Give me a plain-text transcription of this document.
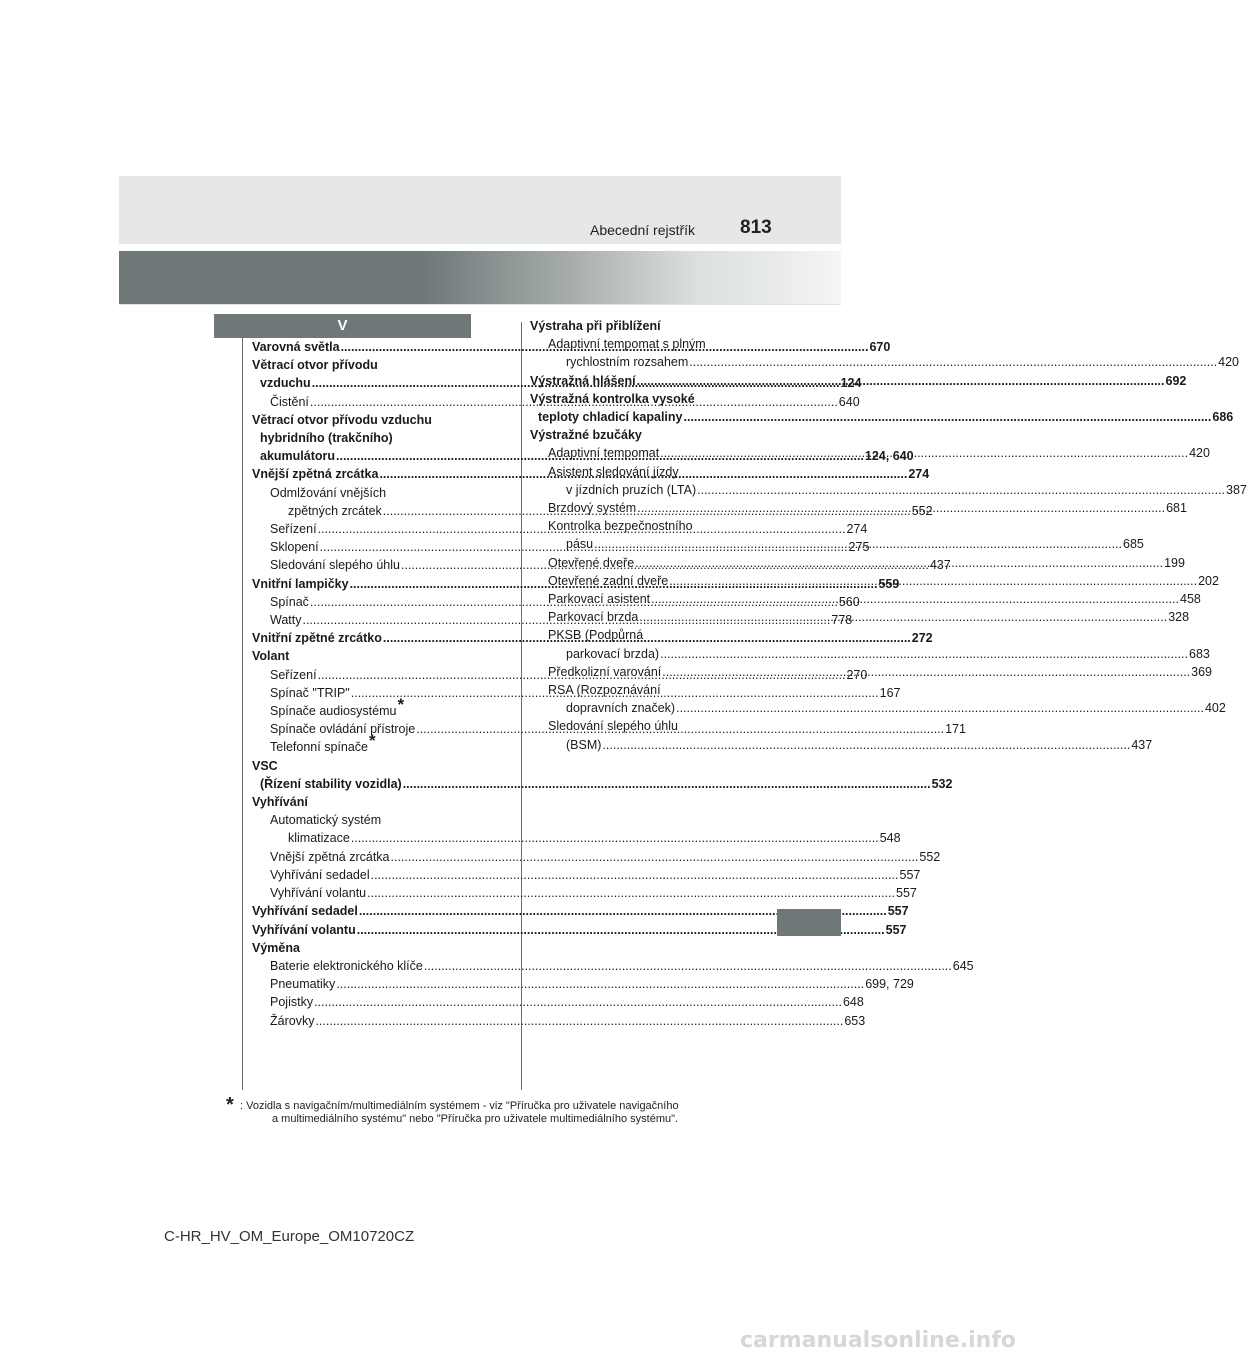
Abecední rejstřík 813
V
Varovná světla .....	670
Větrací otvor přívodu
vzduchu .....	124
Čistění .....	640
Větrací otvor přívodu vzduchu
hybridního (trakčního)
akumulátoru .....	124, 640
Vnější zpětná zrcátka .....	274
Odmlžování vnějších
zpětných zrcátek .....	552
Seřízení .....	274
Sklopení .....	275
Sledování slepého úhlu .....	437
Vnitřní lampičky .....	559
Spínač .....	560
Watty .....	778
Vnitřní zpětné zrcátko .....	272
Volant
Seřízení .....	270
Spínač "TRIP" .....	167
Spínače audiosystému*
Spínače ovládání přístroje .....	171
Telefonní spínače*
VSC
(Řízení stability vozidla) .....	532
Vyhřívání
Automatický systém
klimatizace .....	548
Vnější zpětná zrcátka .....	552
Vyhřívání sedadel .....	557
Vyhřívání volantu .....	557
Vyhřívání sedadel .....	557
Vyhřívání volantu .....	557
Výměna
Baterie elektronického klíče .....	645
Pneumatiky .....	699, 729
Pojistky .....	648
Žárovky .....	653
Výstraha při přiblížení
Adaptivní tempomat s plným
rychlostním rozsahem .....	420
Výstražná hlášení .....	692
Výstražná kontrolka vysoké
teploty chladicí kapaliny .....	686
Výstražné bzučáky
Adaptivní tempomat .....	420
Asistent sledování jízdy
v jízdních pruzích (LTA) .....	387
Brzdový systém .....	681
Kontrolka bezpečnostního
pásu .....	685
Otevřené dveře .....	199
Otevřené zadní dveře .....	202
Parkovací asistent .....	458
Parkovací brzda .....	328
PKSB (Podpůrná
parkovací brzda) .....	683
Předkolizní varování .....	369
RSA (Rozpoznávání
dopravních značek) .....	402
Sledování slepého úhlu
(BSM) .....	437
* : Vozidla s navigačním/multimediálním systémem - viz "Příručka pro uživatele navigačního
a multimediálního systému" nebo "Příručka pro uživatele multimediálního systému".
C-HR_HV_OM_Europe_OM10720CZ
carmanualsonline.info
